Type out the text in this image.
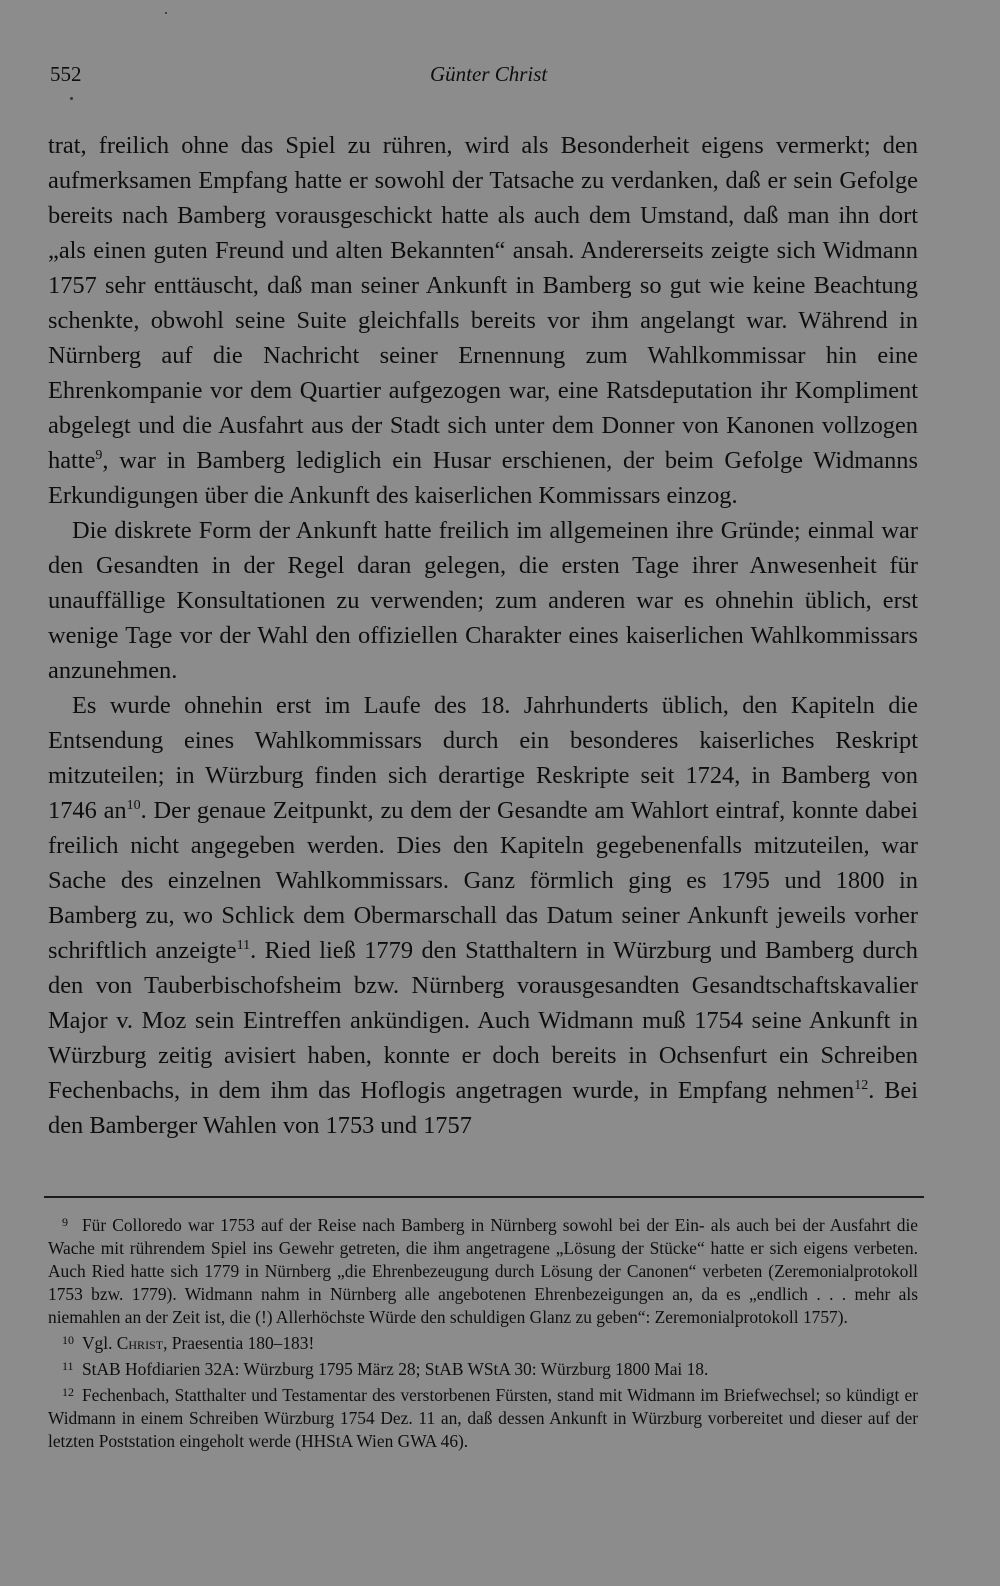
552	Günter Christ

trat, freilich ohne das Spiel zu rühren, wird als Besonderheit eigens vermerkt; den aufmerksamen Empfang hatte er sowohl der Tatsache zu verdanken, daß er sein Gefolge bereits nach Bamberg vorausgeschickt hatte als auch dem Umstand, daß man ihn dort „als einen guten Freund und alten Bekannten“ ansah. Andererseits zeigte sich Widmann 1757 sehr enttäuscht, daß man seiner Ankunft in Bamberg so gut wie keine Beachtung schenkte, obwohl seine Suite gleichfalls bereits vor ihm angelangt war. Während in Nürnberg auf die Nachricht seiner Ernennung zum Wahlkommissar hin eine Ehrenkompanie vor dem Quartier aufgezogen war, eine Ratsdeputation ihr Kompliment abgelegt und die Ausfahrt aus der Stadt sich unter dem Donner von Kanonen vollzogen hatte$^9$, war in Bamberg lediglich ein Husar erschienen, der beim Gefolge Widmanns Erkundigungen über die Ankunft des kaiserlichen Kommissars einzog.

Die diskrete Form der Ankunft hatte freilich im allgemeinen ihre Gründe; einmal war den Gesandten in der Regel daran gelegen, die ersten Tage ihrer Anwesenheit für unauffällige Konsultationen zu verwenden; zum anderen war es ohnehin üblich, erst wenige Tage vor der Wahl den offiziellen Charakter eines kaiserlichen Wahlkommissars anzunehmen.

Es wurde ohnehin erst im Laufe des 18. Jahrhunderts üblich, den Kapiteln die Entsendung eines Wahlkommissars durch ein besonderes kaiserliches Reskript mitzuteilen; in Würzburg finden sich derartige Reskripte seit 1724, in Bamberg von 1746 $an^{10}$. Der genaue Zeitpunkt, zu dem der Gesandte am Wahlort eintraf, konnte dabei freilich nicht angegeben werden. Dies den Kapiteln gegebenenfalls mitzuteilen, war Sache des einzelnen Wahlkommissars. Ganz förmlich ging es 1795 und 1800 in Bamberg zu, wo Schlick dem Obermarschall das Datum seiner Ankunft jeweils vorher schriftlich anzeigte$^{11}$. Ried ließ 1779 den Statthaltern in Würzburg und Bamberg durch den von Tauberbischofsheim bzw. Nürnberg vorausgesandten Gesandtschaftskavalier Major v. Moz sein Eintreffen ankündigen. Auch Widmann muß 1754 seine Ankunft in Würzburg zeitig avisiert haben, konnte er doch bereits in Ochsenfurt ein Schreiben Fechenbachs, in dem ihm das Hoflogis angetragen wurde, in Empfang nehmen$^{12}$. Bei den Bamberger Wahlen von 1753 und 1757

9 Für Colloredo war 1753 auf der Reise nach Bamberg in Nürnberg sowohl bei der Ein- als auch bei der Ausfahrt die Wache mit rührendem Spiel ins Gewehr getreten, die ihm angetragene „Lösung der Stücke“ hatte er sich eigens verbeten. Auch Ried hatte sich 1779 in Nürnberg „die Ehrenbezeugung durch Lösung der Canonen“ verbeten (Zeremonialprotokoll 1753 bzw. 1779). Widmann nahm in Nürnberg alle angebotenen Ehrenbezeigungen an, da es „endlich . . . mehr als niemahlen an der Zeit ist, die (!) Allerhöchste Würde den schuldigen Glanz zu geben“: Zeremonialprotokoll 1757).

10 Vgl. Christ, Praesentia 180–183!

11 StAB Hofdiarien 32A: Würzburg 1795 März 28; StAB WStA 30: Würzburg 1800 Mai 18.

12 Fechenbach, Statthalter und Testamentar des verstorbenen Fürsten, stand mit Widmann im Briefwechsel; so kündigt er Widmann in einem Schreiben Würzburg 1754 Dez. 11 an, daß dessen Ankunft in Würzburg vorbereitet und dieser auf der letzten Poststation eingeholt werde (HHStA Wien GWA 46).
